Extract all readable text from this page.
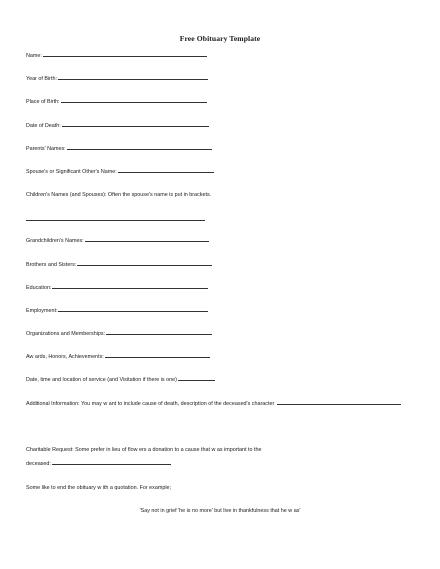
Free Obituary Template
Name:
Year of Birth:
Place of Birth:
Date of Death:
Parents' Names:
Spouse's or Significant Other's Name:
Children's Names (and Spouses): Often the spouse's name is put in brackets.
Grandchildren's Names:
Brothers and Sisters:
Education:
Employment:
Organizations and Memberships:
Aw ards, Honors, Achievements:
Date, time and location of service (and Visitation if there is one)
Additional Information: You may w ant to include cause of death, description of the deceased's character
Charitable Request: Some prefer in lieu of flow ers a donation to a cause that w as important to the
deceased:
Some like to end the obituary w ith a quotation. For example;
'Say not in grief 'he is no more' but live in thankfulness that he w as'
